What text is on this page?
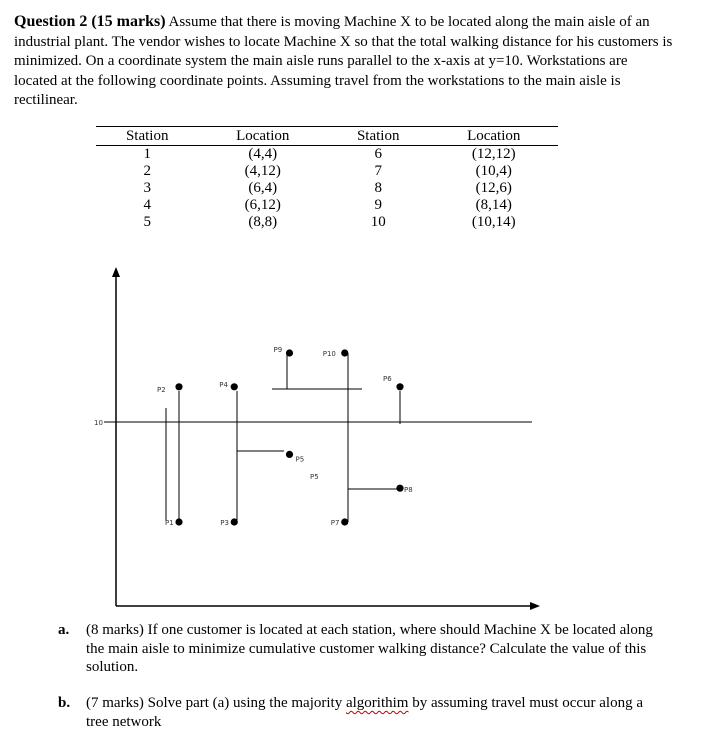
Question 2 (15 marks) Assume that there is moving Machine X to be located along the main aisle of an industrial plant. The vendor wishes to locate Machine X so that the total walking distance for his customers is minimized. On a coordinate system the main aisle runs parallel to the x-axis at y=10. Workstations are located at the following coordinate points. Assuming travel from the workstations to the main aisle is rectilinear.
Station	Location	Station	Location
1	(4,4)	6	(12,12)
2	(4,12)	7	(10,4)
3	(6,4)	8	(12,6)
4	(6,12)	9	(8,14)
5	(8,8)	10	(10,14)
10
P5
P1
P2
P3
P4
P5
P6
P7
P8
P9	P10
a. (8 marks) If one customer is located at each station, where should Machine X be located along the main aisle to minimize cumulative customer walking distance? Calculate the value of this solution.
b. (7 marks) Solve part (a) using the majority algorithim by assuming travel must occur along a tree network
